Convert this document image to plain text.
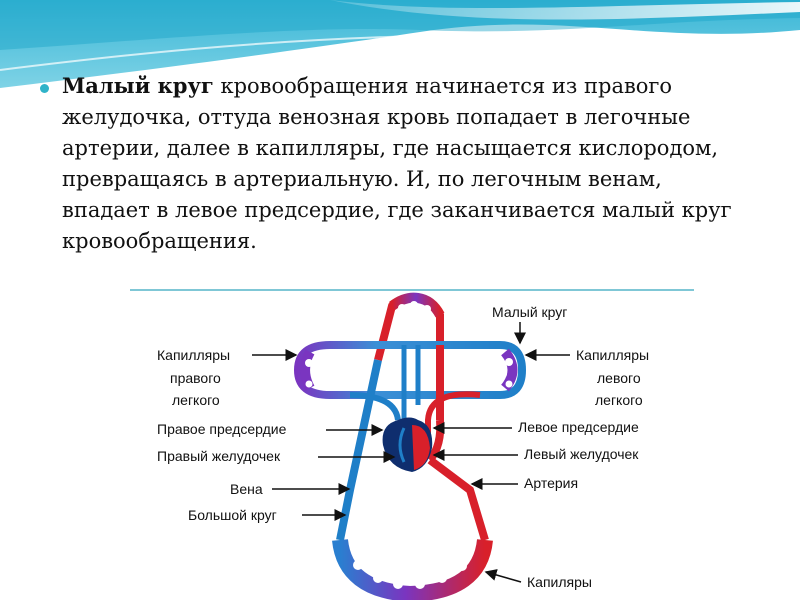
Малый круг кровообращения начинается из правого
желудочка, оттуда венозная кровь попадает в легочные
артерии, далее в капилляры, где насыщается кислородом,
превращаясь в артериальную. И, по легочным венам,
впадает в левое предсердие, где заканчивается малый круг
кровообращения.

Малый круг
Капилляры
правого
легкого
Капилляры
левого
легкого
Правое предсердие	Левое предсердие
Правый желудочек	Левый желудочек
Вена	Артерия
Большой круг
Капиляры
